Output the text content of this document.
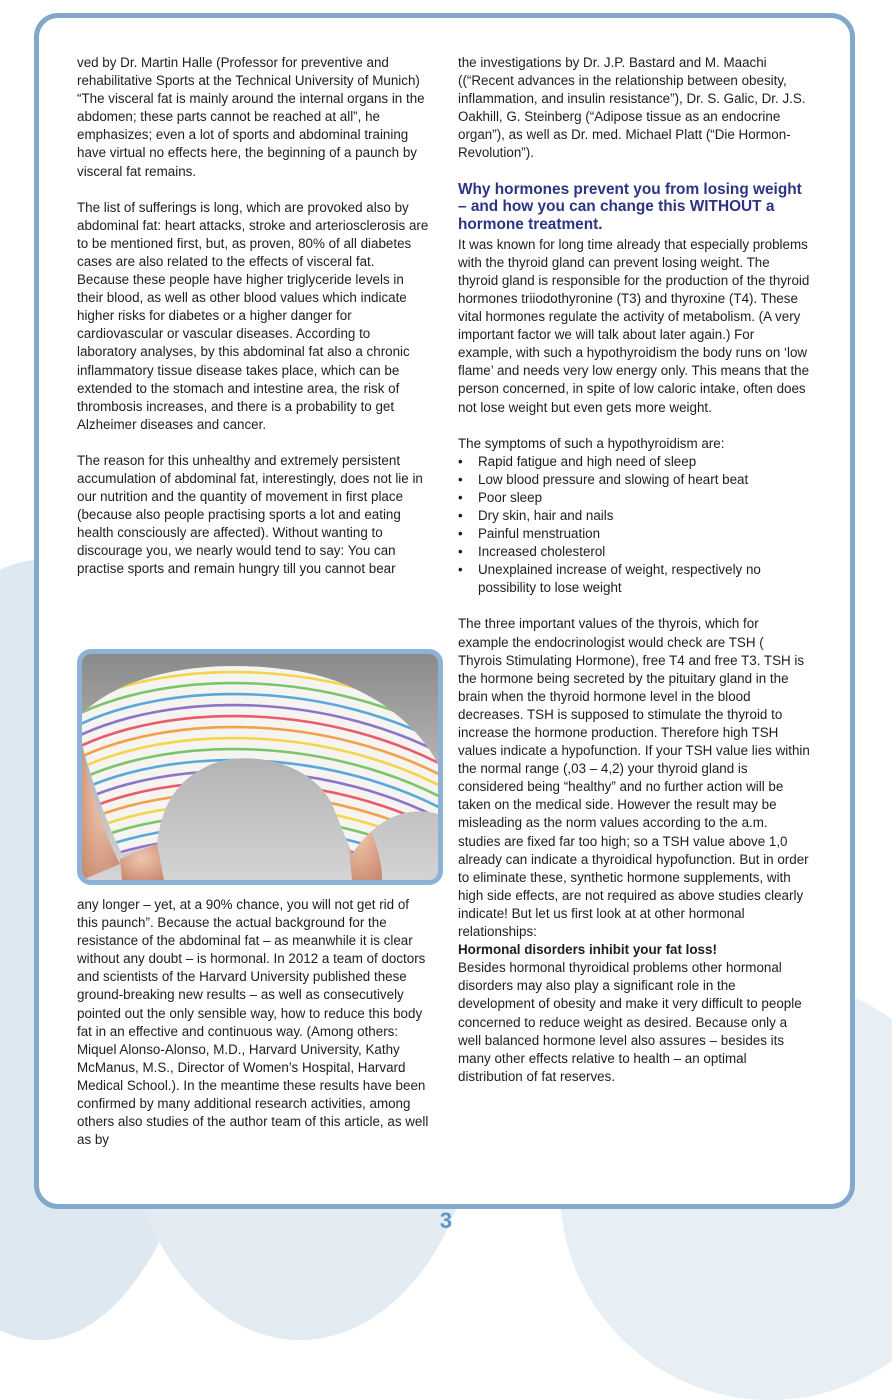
ved by Dr. Martin Halle (Professor for preventive and rehabilitative Sports at the Technical University of Munich) “The visceral fat is mainly around the internal organs in the abdomen; these parts cannot be reached at all”, he emphasizes; even a lot of sports and abdominal training have virtual no effects here, the beginning of a paunch by visceral fat remains.

The list of sufferings is long, which are provoked also by abdominal fat: heart attacks, stroke and arteriosclerosis are to be mentioned first, but, as proven, 80% of all diabetes cases are also related to the effects of visceral fat. Because these people have higher triglyceride levels in their blood, as well as other blood values which indicate higher risks for diabetes or a higher danger for cardiovascular or vascular diseases. According to laboratory analyses, by this abdominal fat also a chronic inflammatory tissue disease takes place, which can be extended to the stomach and intestine area, the risk of thrombosis increases, and there is a probability to get Alzheimer diseases and cancer.

The reason for this unhealthy and extremely persistent accumulation of abdominal fat, interestingly, does not lie in our nutrition and the quantity of movement in first place (because also people practising sports a lot and eating health consciously are affected). Without wanting to discourage you, we nearly would tend to say: You can practise sports and remain hungry till you cannot bear

any longer – yet, at a 90% chance, you will not get rid of this paunch”. Because the actual background for the resistance of the abdominal fat – as meanwhile it is clear without any doubt – is hormonal. In 2012 a team of doctors and scientists of the Harvard University published these ground-breaking new results – as well as consecutively pointed out the only sensible way, how to reduce this body fat in an effective and continuous way. (Among others: Miquel Alonso-Alonso, M.D., Harvard University, Kathy McManus, M.S., Director of Women’s Hospital, Harvard Medical School.). In the meantime these results have been confirmed by many additional research activities, among others also studies of the author team of this article, as well as by

the investigations by Dr. J.P. Bastard and M. Maachi ((“Recent advances in the relationship between obesity, inflammation, and insulin resistance”), Dr. S. Galic, Dr. J.S. Oakhill, G. Steinberg (“Adipose tissue as an endocrine organ”), as well as Dr. med. Michael Platt (“Die Hormon-Revolution”).

Why hormones prevent you from losing weight – and how you can change this WITHOUT a hormone treatment.

It was known for long time already that especially problems with the thyroid gland can prevent losing weight. The thyroid gland is responsible for the production of the thyroid hormones triiodothyronine (T3) and thyroxine (T4). These vital hormones regulate the activity of metabolism. (A very important factor we will talk about later again.) For example, with such a hypothyroidism the body runs on ‘low flame’ and needs very low energy only. This means that the person concerned, in spite of low caloric intake, often does not lose weight but even gets more weight.

The symptoms of such a hypothyroidism are:

• Rapid fatigue and high need of sleep
• Low blood pressure and slowing of heart beat
• Poor sleep
• Dry skin, hair and nails
• Painful menstruation
• Increased cholesterol
• Unexplained increase of weight, respectively no possibility to lose weight

The three important values of the thyrois, which for example the endocrinologist would check are TSH ( Thyrois Stimulating Hormone), free T4 and free T3. TSH is the hormone being secreted by the pituitary gland in the brain when the thyroid hormone level in the blood decreases. TSH is supposed to stimulate the thyroid to increase the hormone production. Therefore high TSH values indicate a hypofunction. If your TSH value lies within the normal range (,03 – 4,2) your thyroid gland is considered being “healthy” and no further action will be taken on the medical side. However the result may be misleading as the norm values according to the a.m. studies are fixed far too high; so a TSH value above 1,0 already can indicate a thyroidical hypofunction. But in order to eliminate these, synthetic hormone supplements, with high side effects, are not required as above studies clearly indicate! But let us first look at at other hormonal relationships:

Hormonal disorders inhibit your fat loss!

Besides hormonal thyroidical problems other hormonal disorders may also play a significant role in the development of obesity and make it very difficult to people concerned to reduce weight as desired. Because only a well balanced hormone level also assures – besides its many other effects relative to health – an optimal distribution of fat reserves.

3
